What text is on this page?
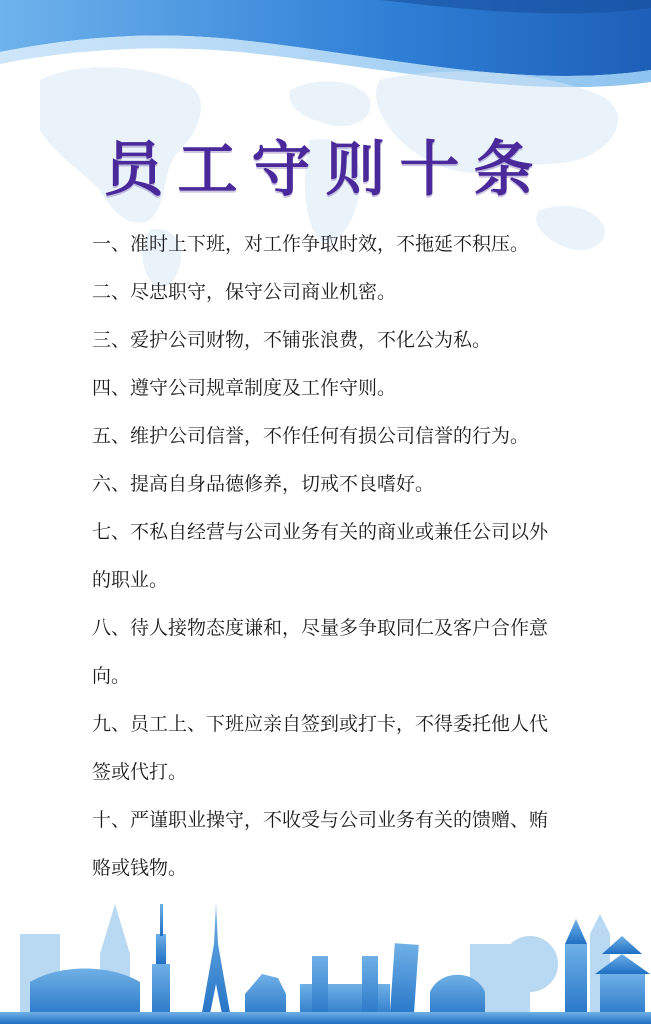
员工守则十条
一、准时上下班，对工作争取时效，不拖延不积压。
二、尽忠职守，保守公司商业机密。
三、爱护公司财物，不铺张浪费，不化公为私。
四、遵守公司规章制度及工作守则。
五、维护公司信誉，不作任何有损公司信誉的行为。
六、提高自身品德修养，切戒不良嗜好。
七、不私自经营与公司业务有关的商业或兼任公司以外
的职业。
八、待人接物态度谦和，尽量多争取同仁及客户合作意
向。
九、员工上、下班应亲自签到或打卡，不得委托他人代
签或代打。
十、严谨职业操守，不收受与公司业务有关的馈赠、贿
赂或钱物。
